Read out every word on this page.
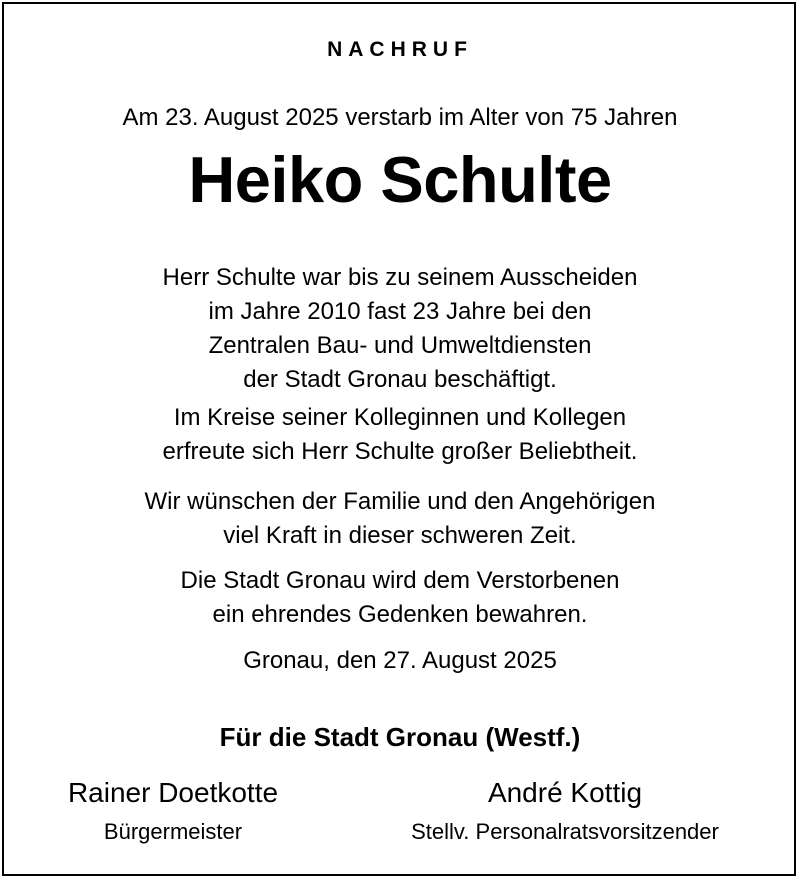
NACHRUF
Am 23. August 2025 verstarb im Alter von 75 Jahren
Heiko Schulte
Herr Schulte war bis zu seinem Ausscheiden
im Jahre 2010 fast 23 Jahre bei den
Zentralen Bau- und Umweltdiensten
der Stadt Gronau beschäftigt.
Im Kreise seiner Kolleginnen und Kollegen
erfreute sich Herr Schulte großer Beliebtheit.
Wir wünschen der Familie und den Angehörigen
viel Kraft in dieser schweren Zeit.
Die Stadt Gronau wird dem Verstorbenen
ein ehrendes Gedenken bewahren.
Gronau, den 27. August 2025
Für die Stadt Gronau (Westf.)
Rainer Doetkotte
Bürgermeister
André Kottig
Stellv. Personalratsvorsitzender
